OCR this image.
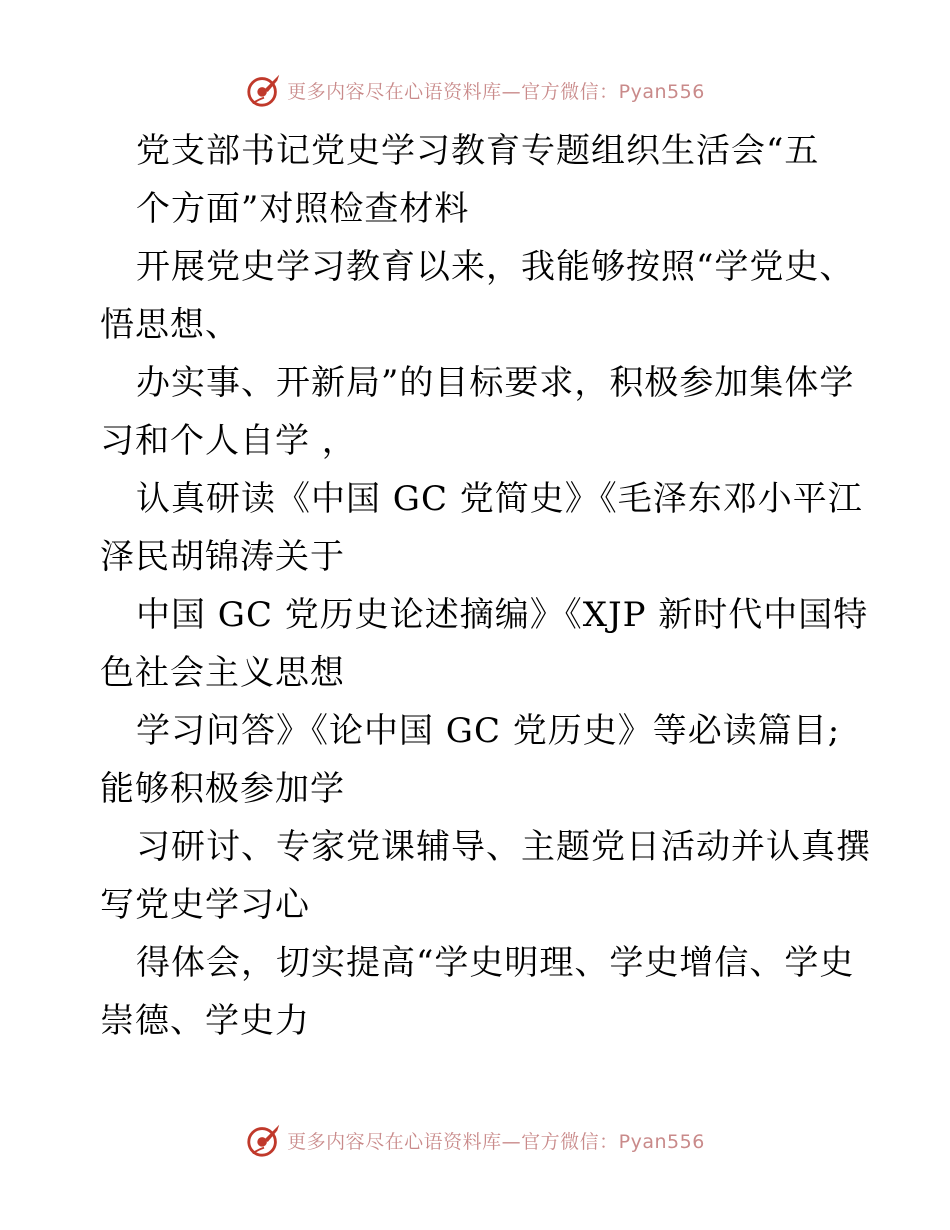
更多内容尽在心语资料库—官方微信：Pyan556
党支部书记党史学习教育专题组织生活会“五
个方面”对照检查材料
开展党史学习教育以来，我能够按照“学党史、
悟思想、
办实事、开新局”的目标要求，积极参加集体学
习和个人自学 ，
认真研读《中国 GC 党简史》《毛泽东邓小平江
泽民胡锦涛关于
中国 GC 党历史论述摘编》《XJP 新时代中国特
色社会主义思想
学习问答》《论中国 GC 党历史》等必读篇目;
能够积极参加学
习研讨、专家党课辅导、主题党日活动并认真撰
写党史学习心
得体会，切实提高“学史明理、学史增信、学史
崇德、学史力
更多内容尽在心语资料库—官方微信：Pyan556
